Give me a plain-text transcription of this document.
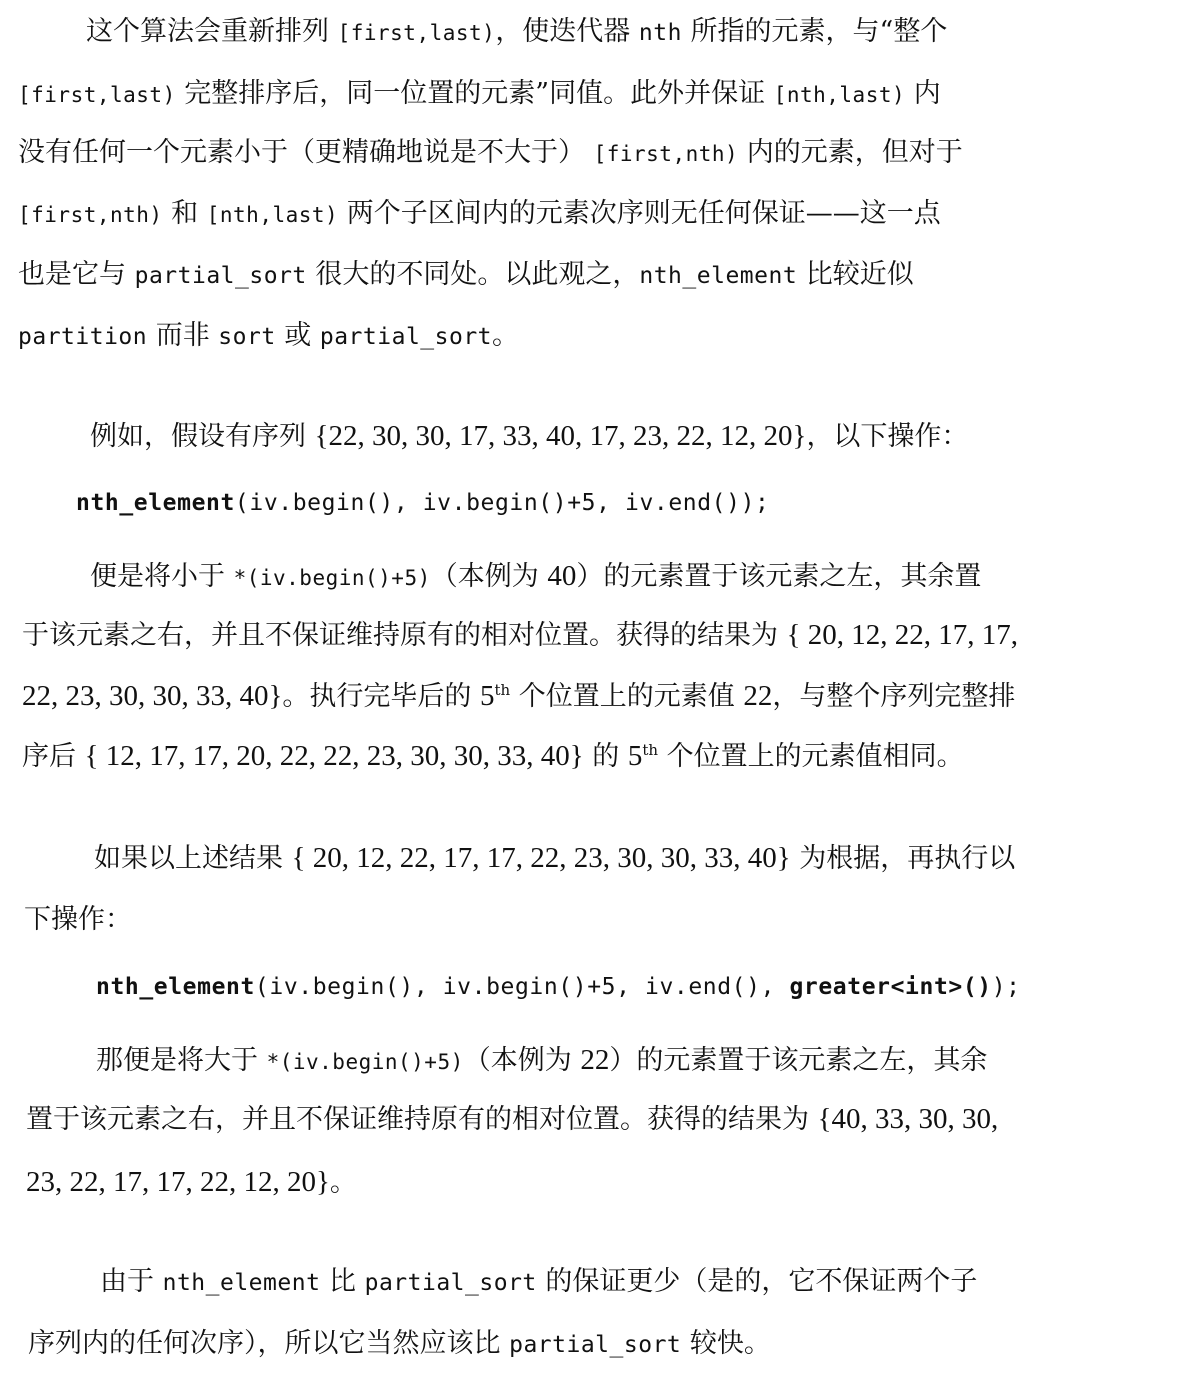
这个算法会重新排列 [first,last)，使迭代器 nth 所指的元素，与“整个
[first,last) 完整排序后，同一位置的元素”同值。此外并保证 [nth,last) 内
没有任何一个元素小于（更精确地说是不大于） [first,nth) 内的元素，但对于
[first,nth) 和 [nth,last) 两个子区间内的元素次序则无任何保证——这一点
也是它与 partial_sort 很大的不同处。以此观之，nth_element 比较近似
partition 而非 sort 或 partial_sort。
例如，假设有序列 {22, 30, 30, 17, 33, 40, 17, 23, 22, 12, 20}，以下操作：
nth_element(iv.begin(), iv.begin()+5, iv.end());
便是将小于 *(iv.begin()+5)（本例为 40）的元素置于该元素之左，其余置
于该元素之右，并且不保证维持原有的相对位置。获得的结果为 { 20, 12, 22, 17, 17,
22, 23, 30, 30, 33, 40}。执行完毕后的 5th 个位置上的元素值 22，与整个序列完整排
序后 { 12, 17, 17, 20, 22, 22, 23, 30, 30, 33, 40} 的 5th 个位置上的元素值相同。
如果以上述结果 { 20, 12, 22, 17, 17, 22, 23, 30, 30, 33, 40} 为根据，再执行以
下操作：
nth_element(iv.begin(), iv.begin()+5, iv.end(), greater<int>());
那便是将大于 *(iv.begin()+5)（本例为 22）的元素置于该元素之左，其余
置于该元素之右，并且不保证维持原有的相对位置。获得的结果为 {40, 33, 30, 30,
23, 22, 17, 17, 22, 12, 20}。
由于 nth_element 比 partial_sort 的保证更少（是的，它不保证两个子
序列内的任何次序），所以它当然应该比 partial_sort 较快。
